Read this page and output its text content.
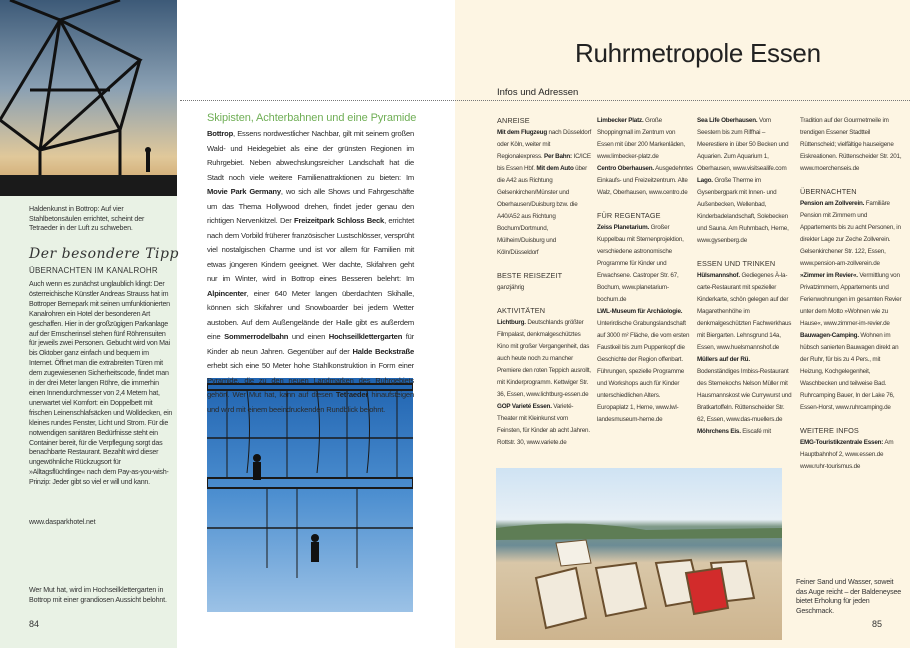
Haldenkunst in Bottrop: Auf vier Stahlbetonsäulen errichtet, scheint der Tetraeder in der Luft zu schweben.
Der besondere Tipp
ÜBERNACHTEN IM KANALROHR
Auch wenn es zunächst unglaublich klingt: Der österreichische Künstler Andreas Strauss hat im Bottroper Bernepark mit seinen umfunktionierten Kanalrohren ein Hotel der besonderen Art geschaffen. Hier in der großzügigen Parkanlage auf der Emscherinsel stehen fünf Röhrensuiten für jeweils zwei Personen. Gebucht wird von Mai bis Oktober ganz einfach und bequem im Internet. Öffnet man die extrabreiten Türen mit dem zugewiesenen Sicherheitscode, findet man in der drei Meter langen Röhre, die immerhin einen Innendurchmesser von 2,4 Metern hat, unerwartet viel Komfort: ein Doppelbett mit frischen Leinenschlafsäcken und Wolldecken, ein kleines rundes Fenster, Licht und Strom. Für die notwendigen sanitären Bedürfnisse steht ein Container bereit, für die Verpflegung sorgt das benachbarte Restaurant. Bezahlt wird dieser ungewöhnliche Rückzugsort für »Alltagsflüchtlinge« nach dem Pay-as-you-wish-Prinzip: Jeder gibt so viel er will und kann.
www.dasparkhotel.net
Wer Mut hat, wird im Hochseilklettergarten in Bottrop mit einer grandiosen Aussicht belohnt.
84
Skipisten, Achterbahnen und eine Pyramide
Bottrop, Essens nordwestlicher Nachbar, gilt mit seinem großen Wald- und Heidegebiet als eine der grünsten Regionen im Ruhrgebiet. Neben abwechslungsreicher Landschaft hat die Stadt noch viele weitere Familienattraktionen zu bieten: Im Movie Park Germany, wo sich alle Shows und Fahrgeschäfte um das Thema Hollywood drehen, findet jeder genau den richtigen Nervenkitzel. Der Freizeitpark Schloss Beck, errichtet nach dem Vorbild früherer französischer Lustschlösser, versprüht viel nostalgischen Charme und ist vor allem für Familien mit etwas jüngeren Kindern geeignet. Wer dachte, Skifahren geht nur im Winter, wird in Bottrop eines Besseren belehrt: Im Alpincenter, einer 640 Meter langen überdachten Skihalle, können sich Skifahrer und Snowboarder bei jedem Wetter austoben. Auf dem Außengelände der Halle gibt es außerdem eine Sommerrodelbahn und einen Hochseilklettergarten für Kinder ab neun Jahren. Gegenüber auf der Halde Beckstraße erhebt sich eine 50 Meter hohe Stahlkonstruktion in Form einer Pyramide, die zu den neuen Landmarken des Ruhrgebiets gehört. Wer Mut hat, kann auf diesen Tetraeder hinaufsteigen und wird mit einem beeindruckenden Rundblick belohnt.
Ruhrmetropole Essen
Infos und Adressen
ANREISE
Mit dem Flugzeug nach Düsseldorf oder Köln, weiter mit Regionalexpress. Per Bahn: IC/ICE bis Essen Hbf. Mit dem Auto über die A42 aus Richtung Gelsenkirchen/Münster und Oberhausen/Duisburg bzw. die A40/A52 aus Richtung Bochum/Dortmund, Mülheim/Duisburg und Köln/Düsseldorf
BESTE REISEZEIT
ganzjährig
AKTIVITÄTEN
Lichtburg. Deutschlands größter Filmpalast, denkmalgeschütztes Kino mit großer Vergangenheit, das auch heute noch zu mancher Premiere den roten Teppich ausrollt, mit Kinderprogramm. Kettwiger Str. 36, Essen, www.lichtburg-essen.de
GOP Varieté Essen. Varieté-Theater mit Kleinkunst vom Feinsten, für Kinder ab acht Jahren. Rottstr. 30, www.variete.de
Limbecker Platz. Große Shoppingmall im Zentrum von Essen mit über 200 Markenläden, www.limbecker-platz.de
Centro Oberhausen. Ausgedehntes Einkaufs- und Freizeitzentrum. Alte Walz, Oberhausen, www.centro.de
FÜR REGENTAGE
Zeiss Planetarium. Großer Kuppelbau mit Sternenprojektion, verschiedene astronomische Programme für Kinder und Erwachsene. Castroper Str. 67, Bochum, www.planetarium-bochum.de
LWL-Museum für Archäologie. Unterirdische Grabungslandschaft auf 3000 m² Fläche, die vom ersten Faustkeil bis zum Puppenkopf die Geschichte der Region offenbart. Führungen, spezielle Programme und Workshops auch für Kinder unterschiedlichen Alters. Europaplatz 1, Herne, www.lwl-landesmuseum-herne.de
Sea Life Oberhausen. Vom Seestern bis zum Riffhai – Meerestiere in über 50 Becken und Aquarien. Zum Aquarium 1, Oberhausen, www.visitsealife.com
Lago. Große Therme im Gysenbergpark mit Innen- und Außenbecken, Wellenbad, Kinderbadelandschaft, Solebecken und Sauna. Am Ruhmbach, Herne, www.gysenberg.de
ESSEN UND TRINKEN
Hülsmannshof. Gediegenes À-la-carte-Restaurant mit spezieller Kinderkarte, schön gelegen auf der Magarethenhöhe im denkmalgeschützten Fachwerkhaus mit Biergarten. Lehnsgrund 14a, Essen, www.huelsmannshof.de
Müllers auf der Rü. Bodenständiges Imbiss-Restaurant des Sternekochs Nelson Müller mit Hausmannskost wie Currywurst und Bratkartoffeln. Rüttenscheider Str. 62, Essen, www.das-muellers.de
Möhrchens Eis. Eiscafé mit
Tradition auf der Gourmetmeile im trendigen Essener Stadtteil Rüttenscheid; vielfältige hauseigene Eiskreationen. Rüttenscheider Str. 201, www.moerchenseis.de
ÜBERNACHTEN
Pension am Zollverein. Familiäre Pension mit Zimmern und Appartements bis zu acht Personen, in direkter Lage zur Zeche Zollverein. Gelsenkirchener Str. 122, Essen, www.pension-am-zollverein.de
»Zimmer im Revier«. Vermittlung von Privatzimmern, Appartements und Ferienwohnungen im gesamten Revier unter dem Motto »Wohnen wie zu Hause«, www.zimmer-im-revier.de
Bauwagen-Camping. Wohnen im hübsch sanierten Bauwagen direkt an der Ruhr, für bis zu 4 Pers., mit Heizung, Kochgelegenheit, Waschbecken und teilweise Bad. Ruhrcamping Bauer, In der Lake 76, Essen-Horst, www.ruhrcamping.de
WEITERE INFOS
EMG-Touristikzentrale Essen: Am Hauptbahnhof 2, www.essen.de www.ruhr-tourismus.de
Feiner Sand und Wasser, soweit das Auge reicht – der Baldeneysee bietet Erholung für jeden Geschmack.
85
